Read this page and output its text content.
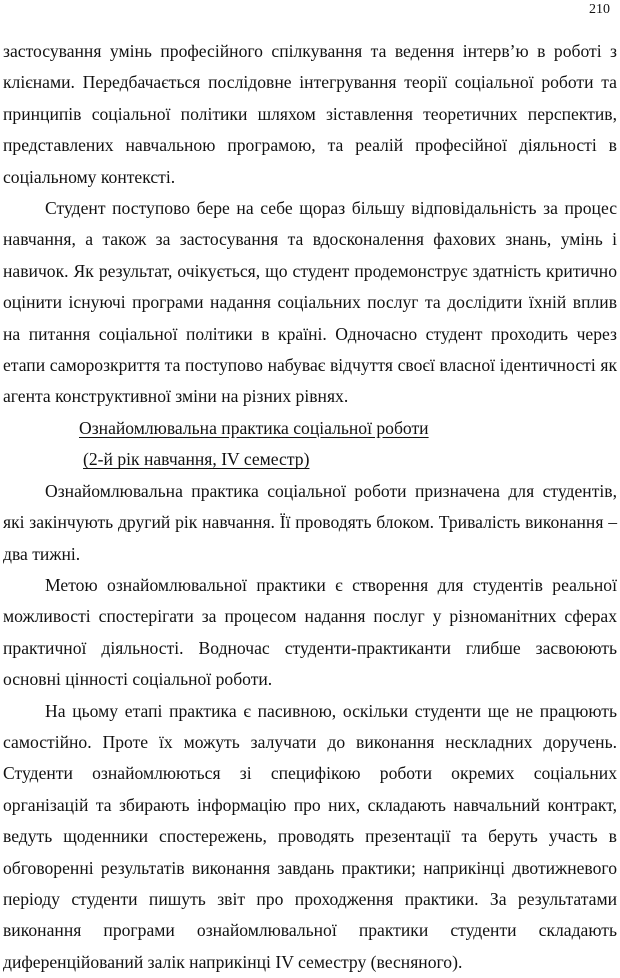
210

застосування умінь професійного спілкування та ведення інтерв’ю в роботі з клієнами. Передбачається послідовне інтегрування теорії соціальної роботи та принципів соціальної політики шляхом зіставлення теоретичних перспектив, представлених навчальною програмою, та реалій професійної діяльності в соціальному контексті.

Студент поступово бере на себе щораз більшу відповідальність за процес навчання, а також за застосування та вдосконалення фахових знань, умінь і навичок. Як результат, очікується, що студент продемонструє здатність критично оцінити існуючі програми надання соціальних послуг та дослідити їхній вплив на питання соціальної політики в країні. Одночасно студент проходить через етапи саморозкриття та поступово набуває відчуття своєї власної ідентичності як агента конструктивної зміни на різних рівнях.

Ознайомлювальна практика соціальної роботи

(2-й рік навчання, IV семестр)

Ознайомлювальна практика соціальної роботи призначена для студентів, які закінчують другий рік навчання. Її проводять блоком. Тривалість виконання – два тижні.

Метою ознайомлювальної практики є створення для студентів реальної можливості спостерігати за процесом надання послуг у різноманітних сферах практичної діяльності. Водночас студенти-практиканти глибше засвоюють основні цінності соціальної роботи.

На цьому етапі практика є пасивною, оскільки студенти ще не працюють самостійно. Проте їх можуть залучати до виконання нескладних доручень. Студенти ознайомлюються зі специфікою роботи окремих соціальних організацій та збирають інформацію про них, складають навчальний контракт, ведуть щоденники спостережень, проводять презентації та беруть участь в обговоренні результатів виконання завдань практики; наприкінці двотижневого періоду студенти пишуть звіт про проходження практики. За результатами виконання програми ознайомлювальної практики студенти складають диференційований залік наприкінці IV семестру (весняного).
